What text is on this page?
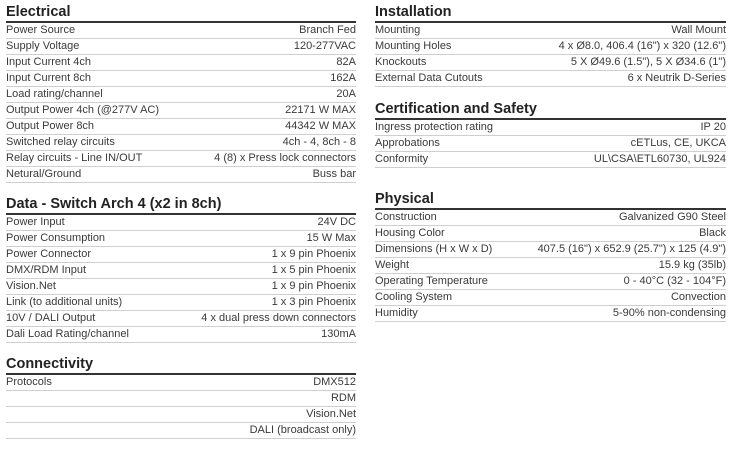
Electrical
Power Source	Branch Fed
Supply Voltage	120-277VAC
Input Current 4ch	82A
Input Current 8ch	162A
Load rating/channel	20A
Output Power 4ch (@277V AC)	22171 W MAX
Output Power 8ch	44342 W MAX
Switched relay circuits	4ch - 4, 8ch - 8
Relay circuits - Line IN/OUT	4 (8) x Press lock connectors
Netural/Ground	Buss bar
Data - Switch Arch 4 (x2 in 8ch)
Power Input	24V DC
Power Consumption	15 W Max
Power Connector	1 x 9 pin Phoenix
DMX/RDM Input	1 x 5 pin Phoenix
Vision.Net	1 x 9 pin Phoenix
Link (to additional units)	1 x 3 pin Phoenix
10V / DALI Output	4 x dual press down connectors
Dali Load Rating/channel	130mA
Connectivity
Protocols	DMX512
RDM
Vision.Net
DALI (broadcast only)
Installation
Mounting	Wall Mount
Mounting Holes	4 x Ø8.0, 406.4 (16") x 320 (12.6")
Knockouts	5 X Ø49.6 (1.5"), 5 X Ø34.6 (1")
External Data Cutouts	6 x Neutrik D-Series
Certification and Safety
Ingress protection rating	IP 20
Approbations	cETLus, CE, UKCA
Conformity	UL\CSA\ETL60730, UL924
Physical
Construction	Galvanized G90 Steel
Housing Color	Black
Dimensions (H x W x D)	407.5 (16") x 652.9 (25.7") x 125 (4.9")
Weight	15.9 kg (35lb)
Operating Temperature	0 - 40°C (32 - 104°F)
Cooling System	Convection
Humidity	5-90% non-condensing
